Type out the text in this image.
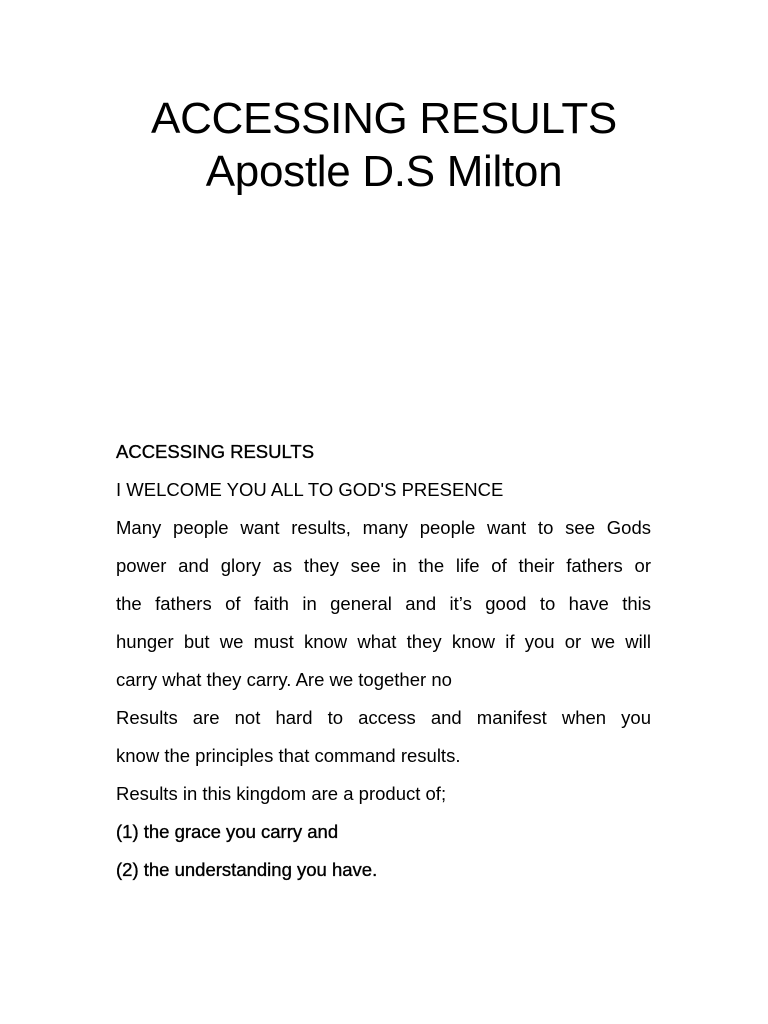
ACCESSING RESULTS
Apostle D.S Milton

ACCESSING RESULTS

I WELCOME YOU ALL TO GOD'S PRESENCE

Many people want results, many people want to see Gods

power and glory as they see in the life of their fathers or

the fathers of faith in general and it’s good to have this

hunger but we must know what they know if you or we will

carry what they carry. Are we together no

Results are not hard to access and manifest when you

know the principles that command results.

Results in this kingdom are a product of;

(1) the grace you carry and

(2) the understanding you have.
